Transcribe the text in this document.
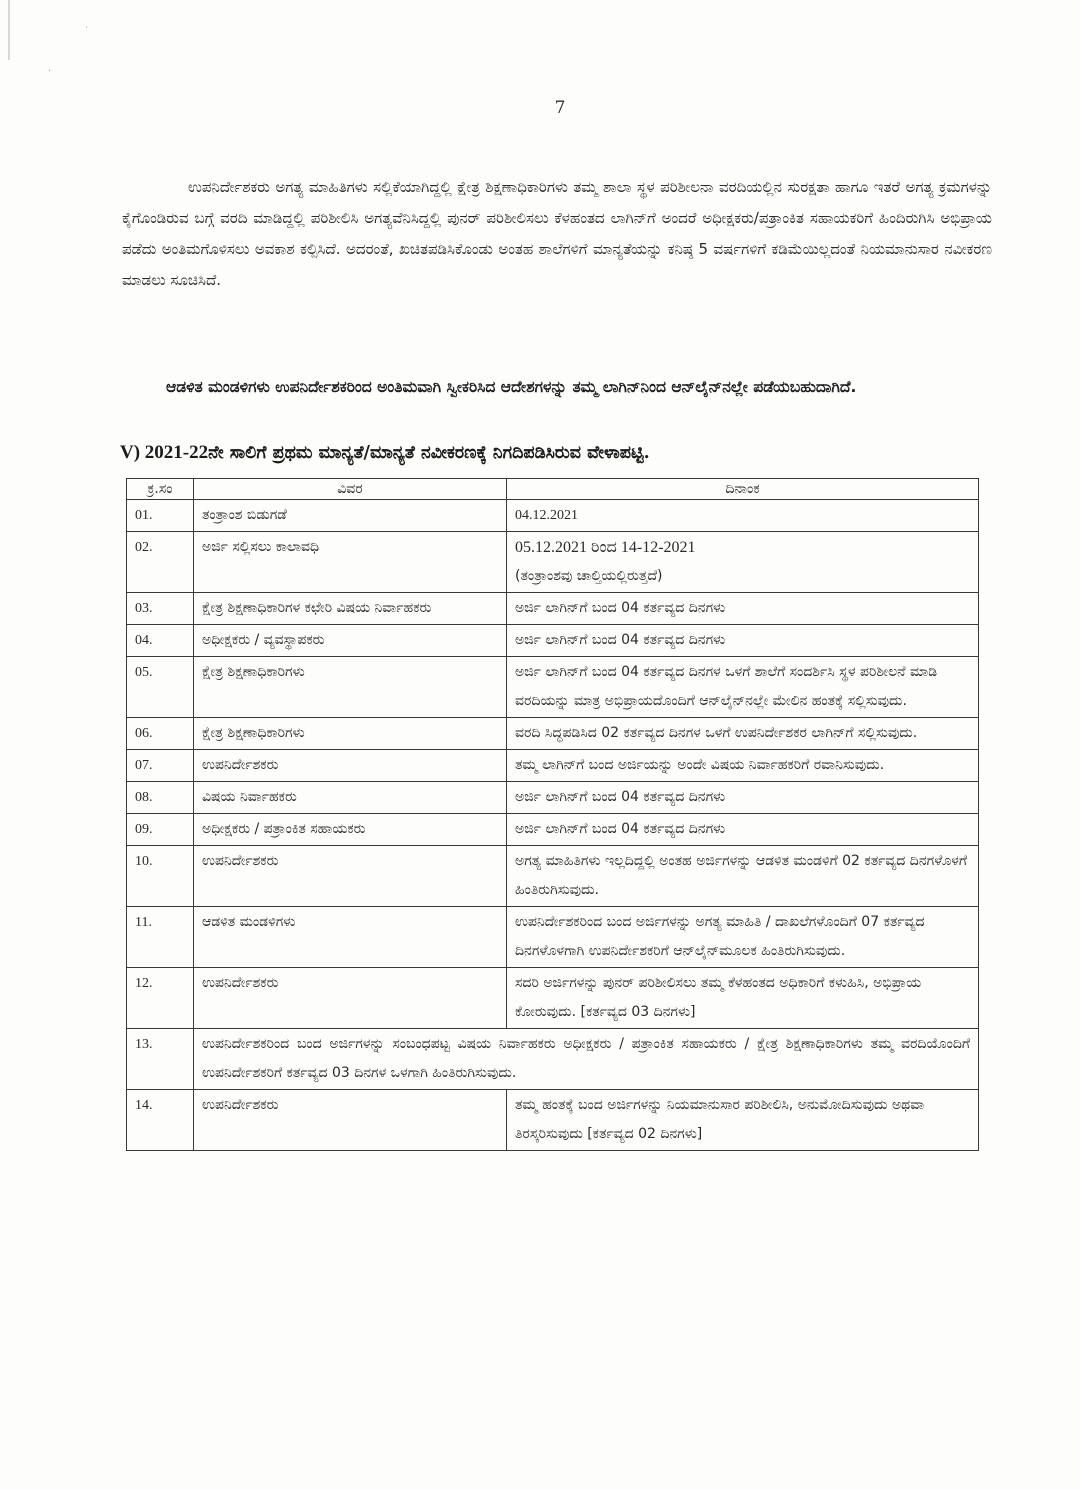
˙
·
7

ಉಪನಿರ್ದೇಶಕರು ಅಗತ್ಯ ಮಾಹಿತಿಗಳು ಸಲ್ಲಿಕೆಯಾಗಿದ್ದಲ್ಲಿ ಕ್ಷೇತ್ರ ಶಿಕ್ಷಣಾಧಿಕಾರಿಗಳು ತಮ್ಮ ಶಾಲಾ ಸ್ಥಳ ಪರಿಶೀಲನಾ ವರದಿಯಲ್ಲಿನ ಸುರಕ್ಷತಾ ಹಾಗೂ ಇತರೆ ಅಗತ್ಯ ಕ್ರಮಗಳನ್ನು ಕೈಗೊಂಡಿರುವ ಬಗ್ಗೆ ವರದಿ ಮಾಡಿದ್ದಲ್ಲಿ ಪರಿಶೀಲಿಸಿ ಅಗತ್ಯವೆನಿಸಿದ್ದಲ್ಲಿ ಪುನರ್ ಪರಿಶೀಲಿಸಲು ಕೆಳಹಂತದ ಲಾಗಿನ್‌ಗೆ ಅಂದರೆ ಅಧೀಕ್ಷಕರು/ಪತ್ರಾಂಕಿತ ಸಹಾಯಕರಿಗೆ ಹಿಂದಿರುಗಿಸಿ ಅಭಿಪ್ರಾಯ ಪಡೆದು ಅಂತಿಮಗೊಳಿಸಲು ಅವಕಾಶ ಕಲ್ಪಿಸಿದೆ. ಅದರಂತೆ, ಖಚಿತಪಡಿಸಿಕೊಂಡು ಅಂತಹ ಶಾಲೆಗಳಿಗೆ ಮಾನ್ಯತೆಯನ್ನು ಕನಿಷ್ಠ 5 ವರ್ಷಗಳಿಗೆ ಕಡಿಮೆಯಿಲ್ಲದಂತೆ ನಿಯಮಾನುಸಾರ ನವೀಕರಣ ಮಾಡಲು ಸೂಚಿಸಿದೆ.

ಆಡಳಿತ ಮಂಡಳಿಗಳು ಉಪನಿರ್ದೇಶಕರಿಂದ ಅಂತಿಮವಾಗಿ ಸ್ವೀಕರಿಸಿದ ಆದೇಶಗಳನ್ನು ತಮ್ಮ ಲಾಗಿನ್‌ನಿಂದ ಆನ್‌ಲೈನ್‌ನಲ್ಲೇ ಪಡೆಯಬಹುದಾಗಿದೆ.

V) 2021-22ನೇ ಸಾಲಿಗೆ ಪ್ರಥಮ ಮಾನ್ಯತೆ/ಮಾನ್ಯತೆ ನವೀಕರಣಕ್ಕೆ ನಿಗದಿಪಡಿಸಿರುವ ವೇಳಾಪಟ್ಟಿ.
ಕ್ರ.ಸಂ	ವಿವರ	ದಿನಾಂಕ
01.	ತಂತ್ರಾಂಶ ಬಿಡುಗಡೆ	04.12.2021
02.	ಅರ್ಜಿ ಸಲ್ಲಿಸಲು ಕಾಲಾವಧಿ	05.12.2021 ರಿಂದ 14-12-2021
(ತಂತ್ರಾಂಶವು ಚಾಲ್ತಿಯಲ್ಲಿರುತ್ತದೆ)

03.	ಕ್ಷೇತ್ರ ಶಿಕ್ಷಣಾಧಿಕಾರಿಗಳ ಕಛೇರಿ ವಿಷಯ ನಿರ್ವಾಹಕರು	ಅರ್ಜಿ ಲಾಗಿನ್‌ಗೆ ಬಂದ 04 ಕರ್ತವ್ಯದ ದಿನಗಳು
04.	ಅಧೀಕ್ಷಕರು / ವ್ಯವಸ್ಥಾಪಕರು	ಅರ್ಜಿ ಲಾಗಿನ್‌ಗೆ ಬಂದ 04 ಕರ್ತವ್ಯದ ದಿನಗಳು
05.	ಕ್ಷೇತ್ರ ಶಿಕ್ಷಣಾಧಿಕಾರಿಗಳು	ಅರ್ಜಿ ಲಾಗಿನ್‌ಗೆ ಬಂದ 04 ಕರ್ತವ್ಯದ ದಿನಗಳ ಒಳಗೆ ಶಾಲೆಗೆ ಸಂದರ್ಶಿಸಿ ಸ್ಥಳ ಪರಿಶೀಲನೆ ಮಾಡಿ ವರದಿಯನ್ನು ಮಾತ್ರ ಅಭಿಪ್ರಾಯದೊಂದಿಗೆ ಆನ್‌ಲೈನ್‌ನಲ್ಲೇ ಮೇಲಿನ ಹಂತಕ್ಕೆ ಸಲ್ಲಿಸುವುದು.
06.	ಕ್ಷೇತ್ರ ಶಿಕ್ಷಣಾಧಿಕಾರಿಗಳು	ವರದಿ ಸಿದ್ಧಪಡಿಸಿದ 02 ಕರ್ತವ್ಯದ ದಿನಗಳ ಒಳಗೆ ಉಪನಿರ್ದೇಶಕರ ಲಾಗಿನ್‌ಗೆ ಸಲ್ಲಿಸುವುದು.
07.	ಉಪನಿರ್ದೇಶಕರು	ತಮ್ಮ ಲಾಗಿನ್‌ಗೆ ಬಂದ ಅರ್ಜಿಯನ್ನು ಅಂದೇ ವಿಷಯ ನಿರ್ವಾಹಕರಿಗೆ ರವಾನಿಸುವುದು.
08.	ವಿಷಯ ನಿರ್ವಾಹಕರು	ಅರ್ಜಿ ಲಾಗಿನ್‌ಗೆ ಬಂದ 04 ಕರ್ತವ್ಯದ ದಿನಗಳು
09.	ಅಧೀಕ್ಷಕರು / ಪತ್ರಾಂಕಿತ ಸಹಾಯಕರು	ಅರ್ಜಿ ಲಾಗಿನ್‌ಗೆ ಬಂದ 04 ಕರ್ತವ್ಯದ ದಿನಗಳು
10.	ಉಪನಿರ್ದೇಶಕರು	ಅಗತ್ಯ ಮಾಹಿತಿಗಳು ಇಲ್ಲದಿದ್ದಲ್ಲಿ ಅಂತಹ ಅರ್ಜಿಗಳನ್ನು ಆಡಳಿತ ಮಂಡಳಿಗೆ 02 ಕರ್ತವ್ಯದ ದಿನಗಳೊಳಗೆ ಹಿಂತಿರುಗಿಸುವುದು.
11.	ಆಡಳಿತ ಮಂಡಳಿಗಳು	ಉಪನಿರ್ದೇಶಕರಿಂದ ಬಂದ ಅರ್ಜಿಗಳನ್ನು ಅಗತ್ಯ ಮಾಹಿತಿ / ದಾಖಲೆಗಳೊಂದಿಗೆ 07 ಕರ್ತವ್ಯದ ದಿನಗಳೊಳಗಾಗಿ ಉಪನಿರ್ದೇಶಕರಿಗೆ ಆನ್‌ಲೈನ್‌ಮೂಲಕ ಹಿಂತಿರುಗಿಸುವುದು.
12.	ಉಪನಿರ್ದೇಶಕರು	ಸದರಿ ಅರ್ಜಿಗಳನ್ನು ಪುನರ್ ಪರಿಶೀಲಿಸಲು ತಮ್ಮ ಕೆಳಹಂತದ ಅಧಿಕಾರಿಗೆ ಕಳುಹಿಸಿ, ಅಭಿಪ್ರಾಯ ಕೋರುವುದು. [ಕರ್ತವ್ಯದ 03 ದಿನಗಳು]
13.	ಉಪನಿರ್ದೇಶಕರಿಂದ ಬಂದ ಅರ್ಜಿಗಳನ್ನು ಸಂಬಂಧಪಟ್ಟ ವಿಷಯ ನಿರ್ವಾಹಕರು ಅಧೀಕ್ಷಕರು / ಪತ್ರಾಂಕಿತ ಸಹಾಯಕರು / ಕ್ಷೇತ್ರ ಶಿಕ್ಷಣಾಧಿಕಾರಿಗಳು ತಮ್ಮ ವರದಿಯೊಂದಿಗೆ ಉಪನಿರ್ದೇಶಕರಿಗೆ ಕರ್ತವ್ಯದ 03 ದಿನಗಳ ಒಳಗಾಗಿ ಹಿಂತಿರುಗಿಸುವುದು.	
14.	ಉಪನಿರ್ದೇಶಕರು	ತಮ್ಮ ಹಂತಕ್ಕೆ ಬಂದ ಅರ್ಜಿಗಳನ್ನು ನಿಯಮಾನುಸಾರ ಪರಿಶೀಲಿಸಿ, ಅನುಮೋದಿಸುವುದು ಅಥವಾ ತಿರಸ್ಕರಿಸುವುದು [ಕರ್ತವ್ಯದ 02 ದಿನಗಳು]
